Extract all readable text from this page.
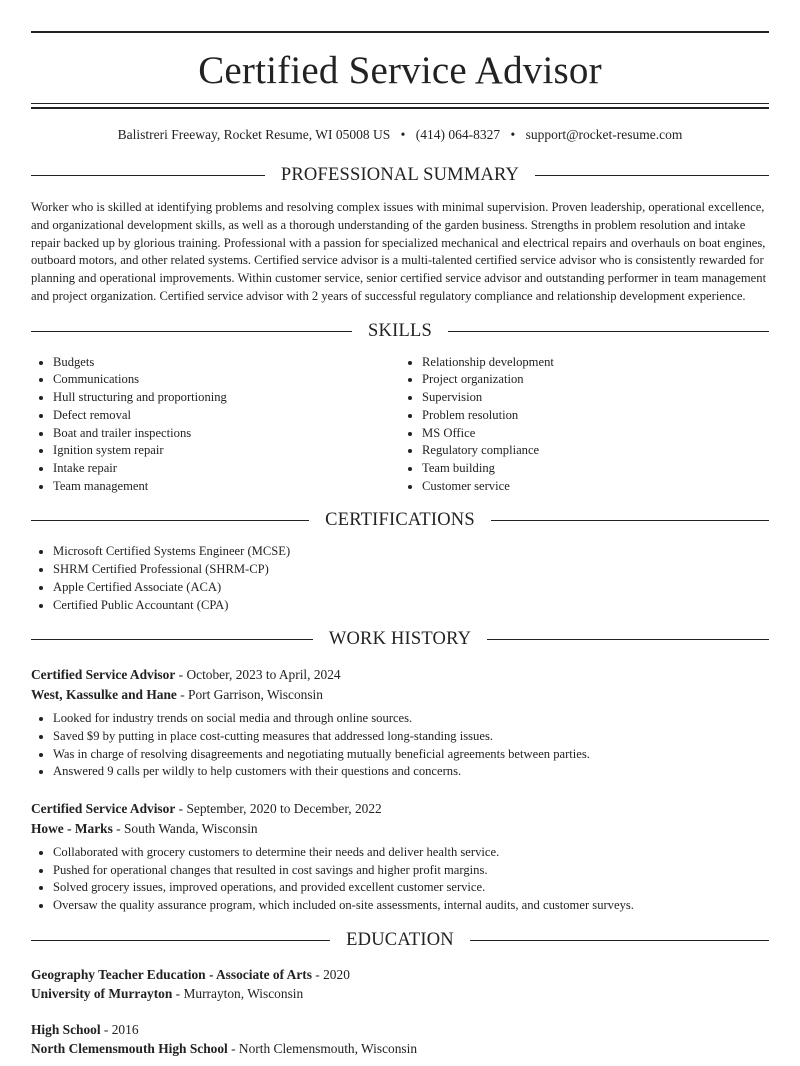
Certified Service Advisor
Balistreri Freeway, Rocket Resume, WI 05008 US • (414) 064-8327 • support@rocket-resume.com
PROFESSIONAL SUMMARY

Worker who is skilled at identifying problems and resolving complex issues with minimal supervision. Proven leadership, operational excellence, and organizational development skills, as well as a thorough understanding of the garden business. Strengths in problem resolution and intake repair backed up by glorious training. Professional with a passion for specialized mechanical and electrical repairs and overhauls on boat engines, outboard motors, and other related systems. Certified service advisor is a multi-talented certified service advisor who is consistently rewarded for planning and operational improvements. Within customer service, senior certified service advisor and outstanding performer in team management and project organization. Certified service advisor with 2 years of successful regulatory compliance and relationship development experience.

SKILLS
• Budgets
• Communications
• Hull structuring and proportioning
• Defect removal
• Boat and trailer inspections
• Ignition system repair
• Intake repair
• Team management
• Relationship development
• Project organization
• Supervision
• Problem resolution
• MS Office
• Regulatory compliance
• Team building
• Customer service
CERTIFICATIONS
• Microsoft Certified Systems Engineer (MCSE)
• SHRM Certified Professional (SHRM-CP)
• Apple Certified Associate (ACA)
• Certified Public Accountant (CPA)
WORK HISTORY
Certified Service Advisor - October, 2023 to April, 2024
West, Kassulke and Hane - Port Garrison, Wisconsin
• Looked for industry trends on social media and through online sources.
• Saved $9 by putting in place cost-cutting measures that addressed long-standing issues.
• Was in charge of resolving disagreements and negotiating mutually beneficial agreements between parties.
• Answered 9 calls per wildly to help customers with their questions and concerns.
Certified Service Advisor - September, 2020 to December, 2022
Howe - Marks - South Wanda, Wisconsin
• Collaborated with grocery customers to determine their needs and deliver health service.
• Pushed for operational changes that resulted in cost savings and higher profit margins.
• Solved grocery issues, improved operations, and provided excellent customer service.
• Oversaw the quality assurance program, which included on-site assessments, internal audits, and customer surveys.
EDUCATION
Geography Teacher Education - Associate of Arts - 2020
University of Murrayton - Murrayton, Wisconsin
High School - 2016
North Clemensmouth High School - North Clemensmouth, Wisconsin
